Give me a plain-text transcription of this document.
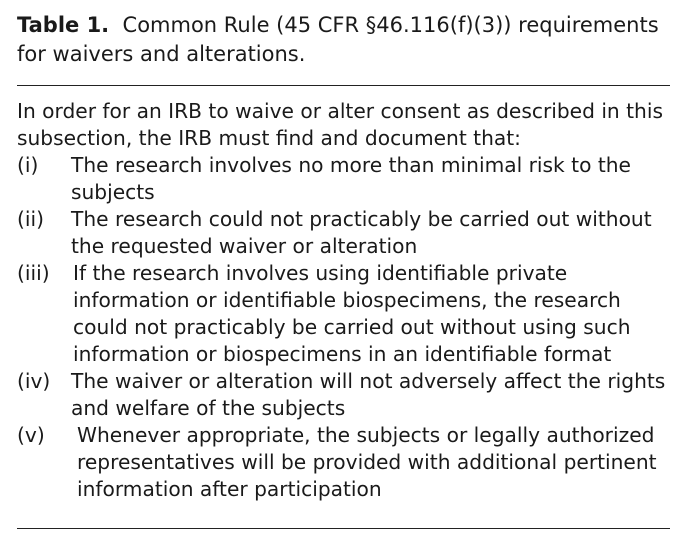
Table 1. Common Rule (45 CFR §46.116(f)(3)) requirements for waivers and alterations.

In order for an IRB to waive or alter consent as described in this subsection, the IRB must find and document that:

(i)	The research involves no more than minimal risk to the subjects
(ii)	The research could not practicably be carried out without the requested waiver or alteration
(iii)	If the research involves using identifiable private information or identifiable biospecimens, the research could not practicably be carried out without using such information or biospecimens in an identifiable format
(iv)	The waiver or alteration will not adversely affect the rights and welfare of the subjects
(v)	Whenever appropriate, the subjects or legally authorized representatives will be provided with additional pertinent information after participation
